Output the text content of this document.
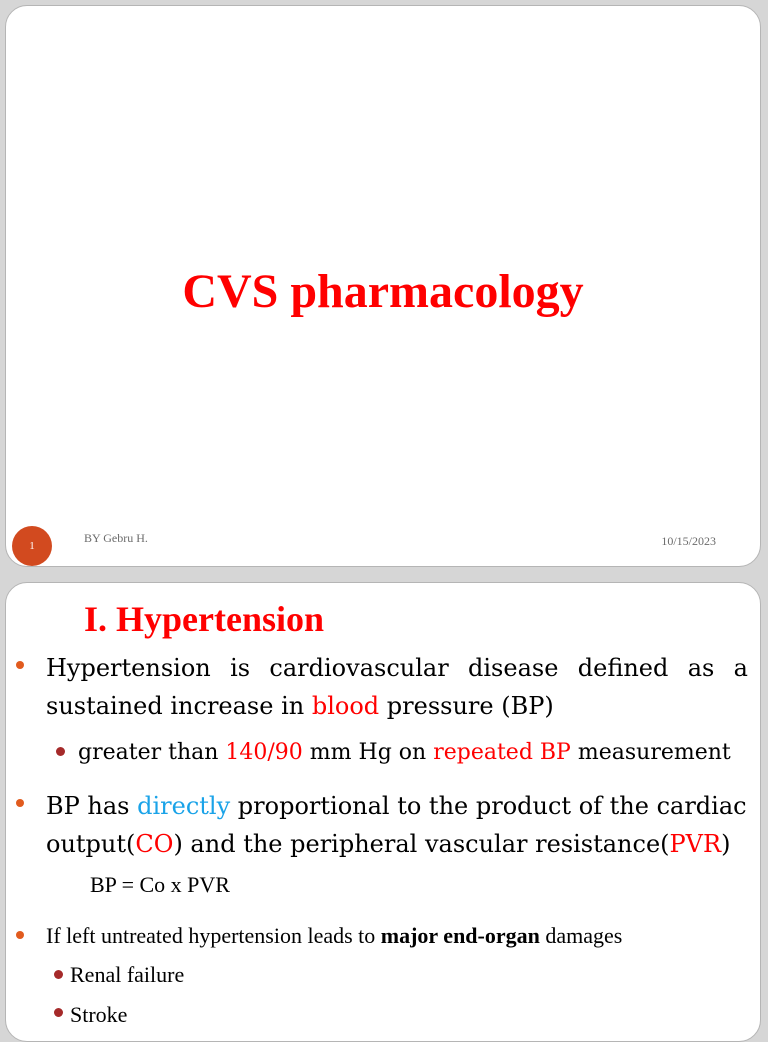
CVS pharmacology
1
BY Gebru H.	10/15/2023
I. Hypertension
Hypertension is cardiovascular disease defined as a
sustained increase in blood pressure (BP)
greater than 140/90 mm Hg on repeated BP measurement
BP has directly proportional to the product of the cardiac output(CO) and the peripheral vascular resistance(PVR)
BP = Co x PVR
If left untreated hypertension leads to major end-organ damages
Renal failure
Stroke
